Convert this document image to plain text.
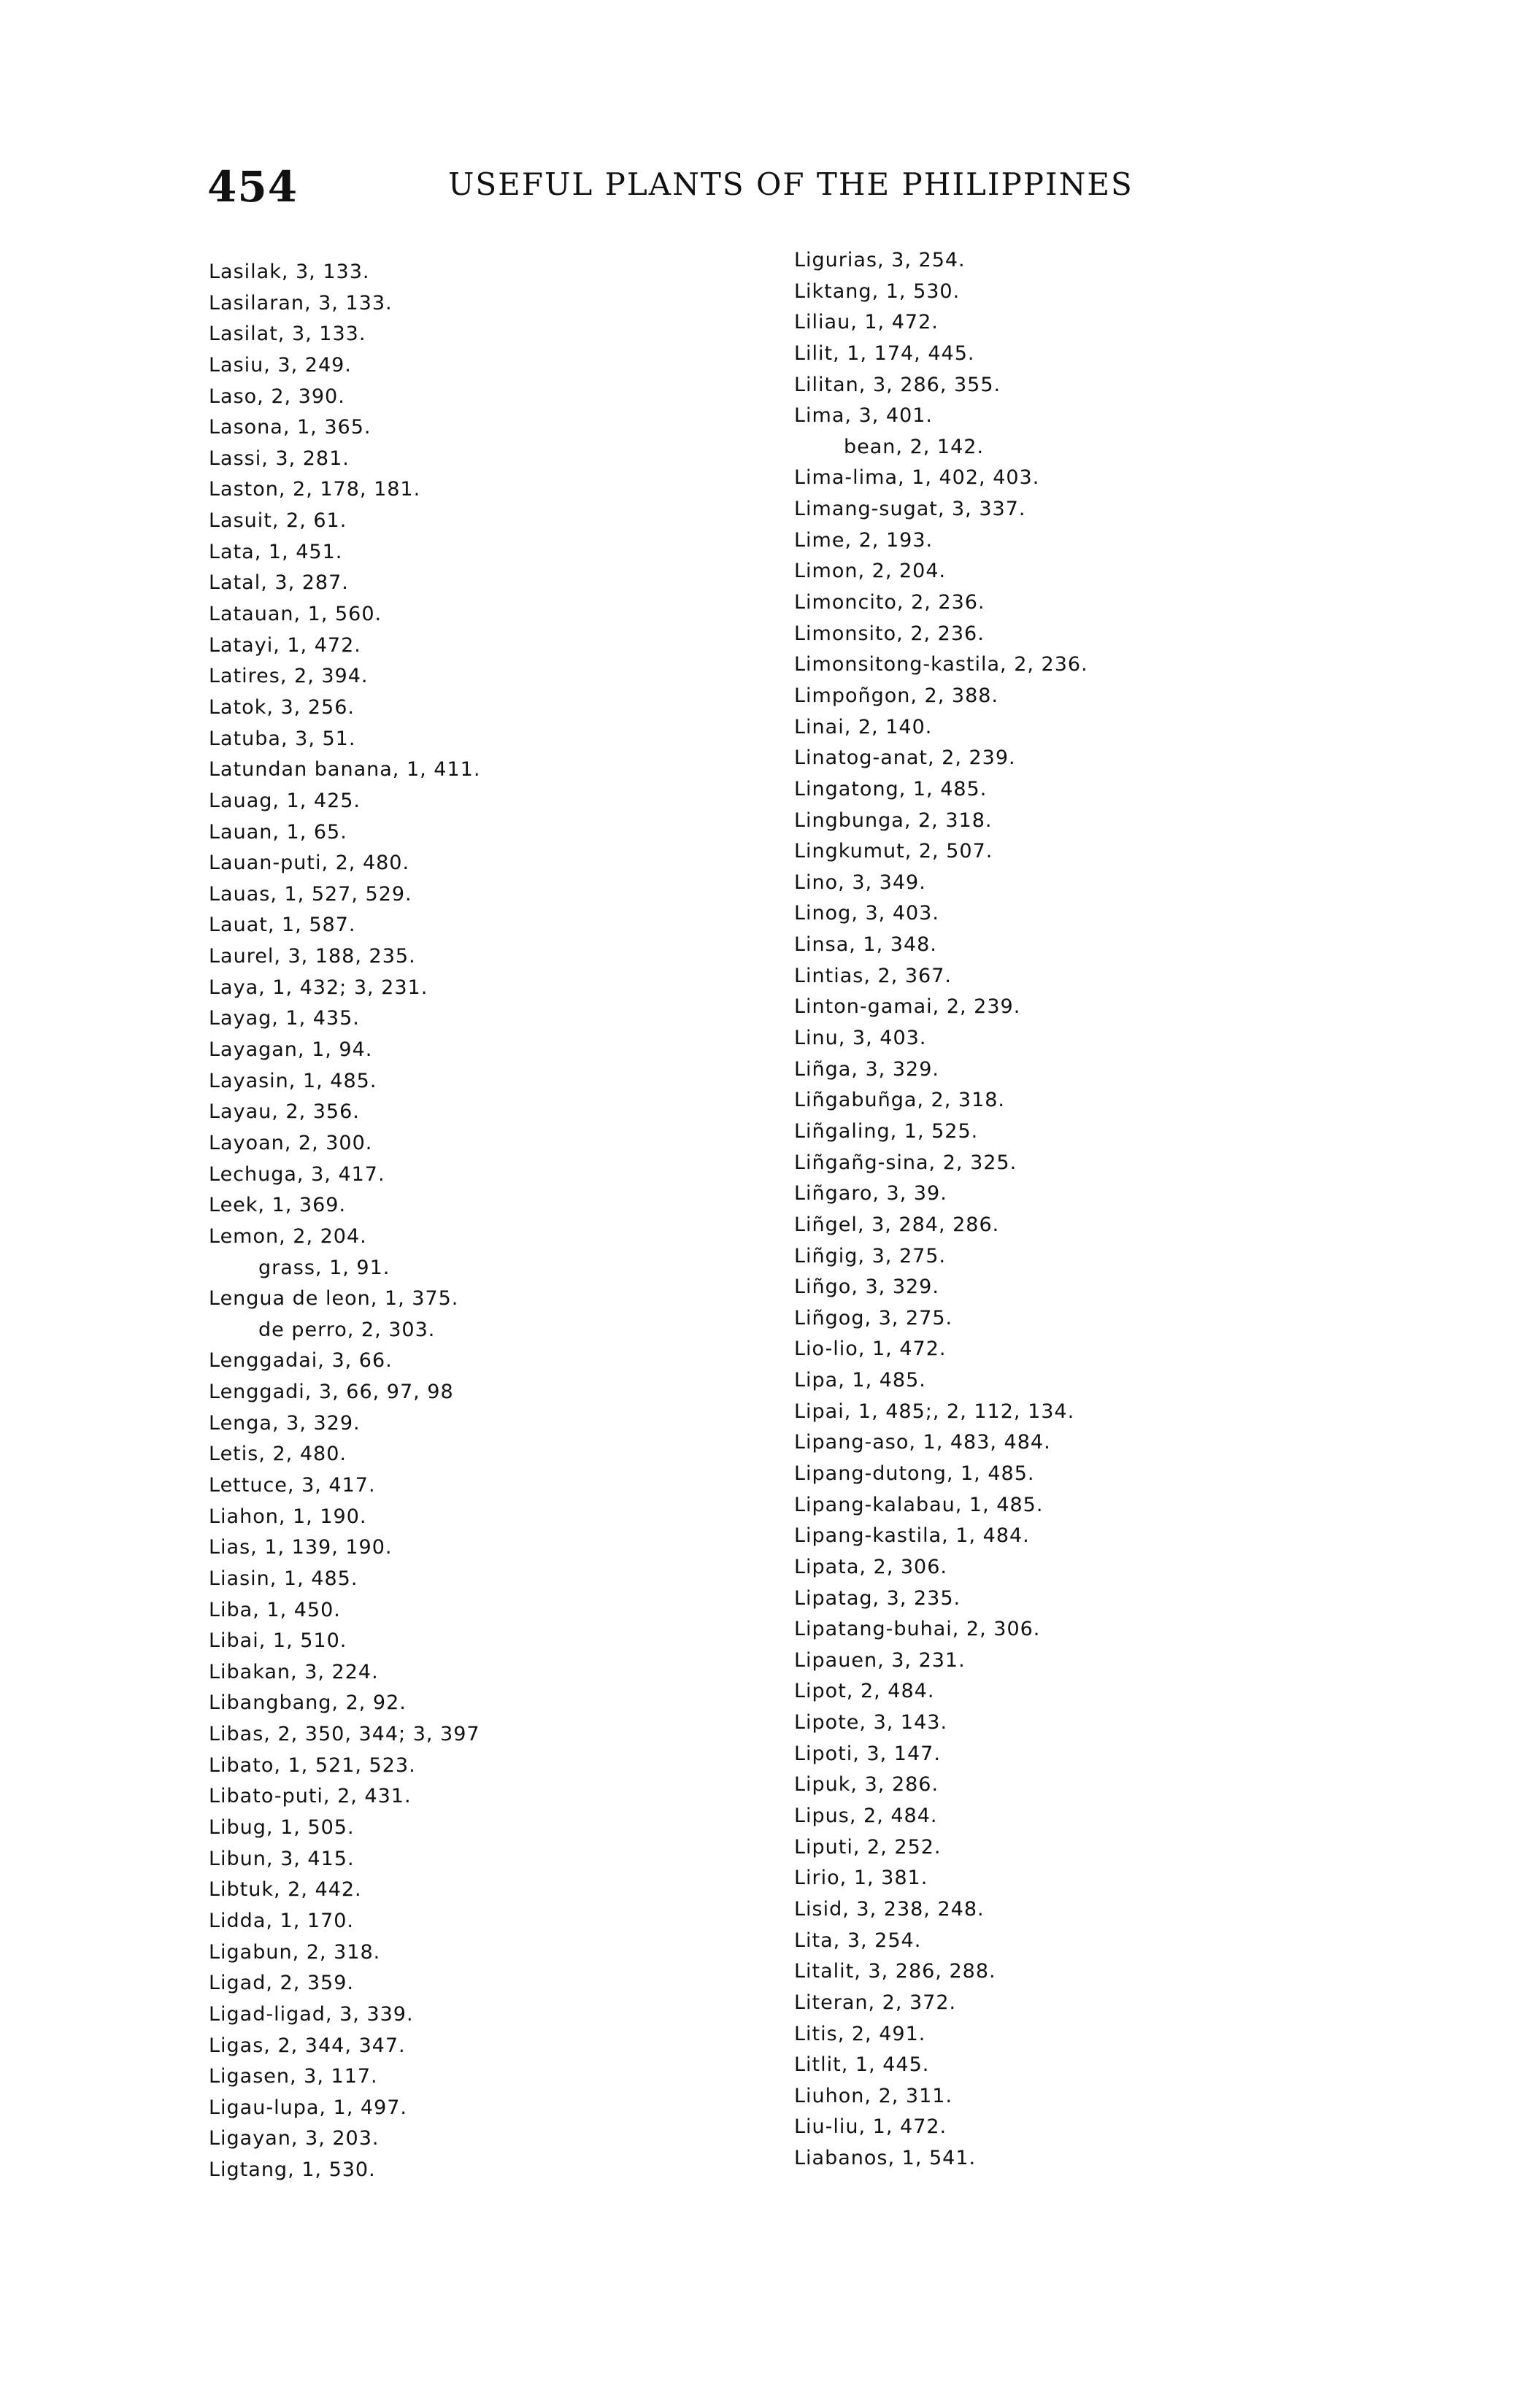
454	USEFUL PLANTS OF THE PHILIPPINES
Lasilak, 3, 133.
Lasilaran, 3, 133.
Lasilat, 3, 133.
Lasiu, 3, 249.
Laso, 2, 390.
Lasona, 1, 365.
Lassi, 3, 281.
Laston, 2, 178, 181.
Lasuit, 2, 61.
Lata, 1, 451.
Latal, 3, 287.
Latauan, 1, 560.
Latayi, 1, 472.
Latires, 2, 394.
Latok, 3, 256.
Latuba, 3, 51.
Latundan banana, 1, 411.
Lauag, 1, 425.
Lauan, 1, 65.
Lauan-puti, 2, 480.
Lauas, 1, 527, 529.
Lauat, 1, 587.
Laurel, 3, 188, 235.
Laya, 1, 432; 3, 231.
Layag, 1, 435.
Layagan, 1, 94.
Layasin, 1, 485.
Layau, 2, 356.
Layoan, 2, 300.
Lechuga, 3, 417.
Leek, 1, 369.
Lemon, 2, 204.
grass, 1, 91.
Lengua de leon, 1, 375.
de perro, 2, 303.
Lenggadai, 3, 66.
Lenggadi, 3, 66, 97, 98
Lenga, 3, 329.
Letis, 2, 480.
Lettuce, 3, 417.
Liahon, 1, 190.
Lias, 1, 139, 190.
Liasin, 1, 485.
Liba, 1, 450.
Libai, 1, 510.
Libakan, 3, 224.
Libangbang, 2, 92.
Libas, 2, 350, 344; 3, 397
Libato, 1, 521, 523.
Libato-puti, 2, 431.
Libug, 1, 505.
Libun, 3, 415.
Libtuk, 2, 442.
Lidda, 1, 170.
Ligabun, 2, 318.
Ligad, 2, 359.
Ligad-ligad, 3, 339.
Ligas, 2, 344, 347.
Ligasen, 3, 117.
Ligau-lupa, 1, 497.
Ligayan, 3, 203.
Ligtang, 1, 530.
Ligurias, 3, 254.
Liktang, 1, 530.
Liliau, 1, 472.
Lilit, 1, 174, 445.
Lilitan, 3, 286, 355.
Lima, 3, 401.
bean, 2, 142.
Lima-lima, 1, 402, 403.
Limang-sugat, 3, 337.
Lime, 2, 193.
Limon, 2, 204.
Limoncito, 2, 236.
Limonsito, 2, 236.
Limonsitong-kastila, 2, 236.
Limpoñgon, 2, 388.
Linai, 2, 140.
Linatog-anat, 2, 239.
Lingatong, 1, 485.
Lingbunga, 2, 318.
Lingkumut, 2, 507.
Lino, 3, 349.
Linog, 3, 403.
Linsa, 1, 348.
Lintias, 2, 367.
Linton-gamai, 2, 239.
Linu, 3, 403.
Liñga, 3, 329.
Liñgabuñga, 2, 318.
Liñgaling, 1, 525.
Liñgañg-sina, 2, 325.
Liñgaro, 3, 39.
Liñgel, 3, 284, 286.
Liñgig, 3, 275.
Liñgo, 3, 329.
Liñgog, 3, 275.
Lio-lio, 1, 472.
Lipa, 1, 485.
Lipai, 1, 485;, 2, 112, 134.
Lipang-aso, 1, 483, 484.
Lipang-dutong, 1, 485.
Lipang-kalabau, 1, 485.
Lipang-kastila, 1, 484.
Lipata, 2, 306.
Lipatag, 3, 235.
Lipatang-buhai, 2, 306.
Lipauen, 3, 231.
Lipot, 2, 484.
Lipote, 3, 143.
Lipoti, 3, 147.
Lipuk, 3, 286.
Lipus, 2, 484.
Liputi, 2, 252.
Lirio, 1, 381.
Lisid, 3, 238, 248.
Lita, 3, 254.
Litalit, 3, 286, 288.
Literan, 2, 372.
Litis, 2, 491.
Litlit, 1, 445.
Liuhon, 2, 311.
Liu-liu, 1, 472.
Liabanos, 1, 541.
